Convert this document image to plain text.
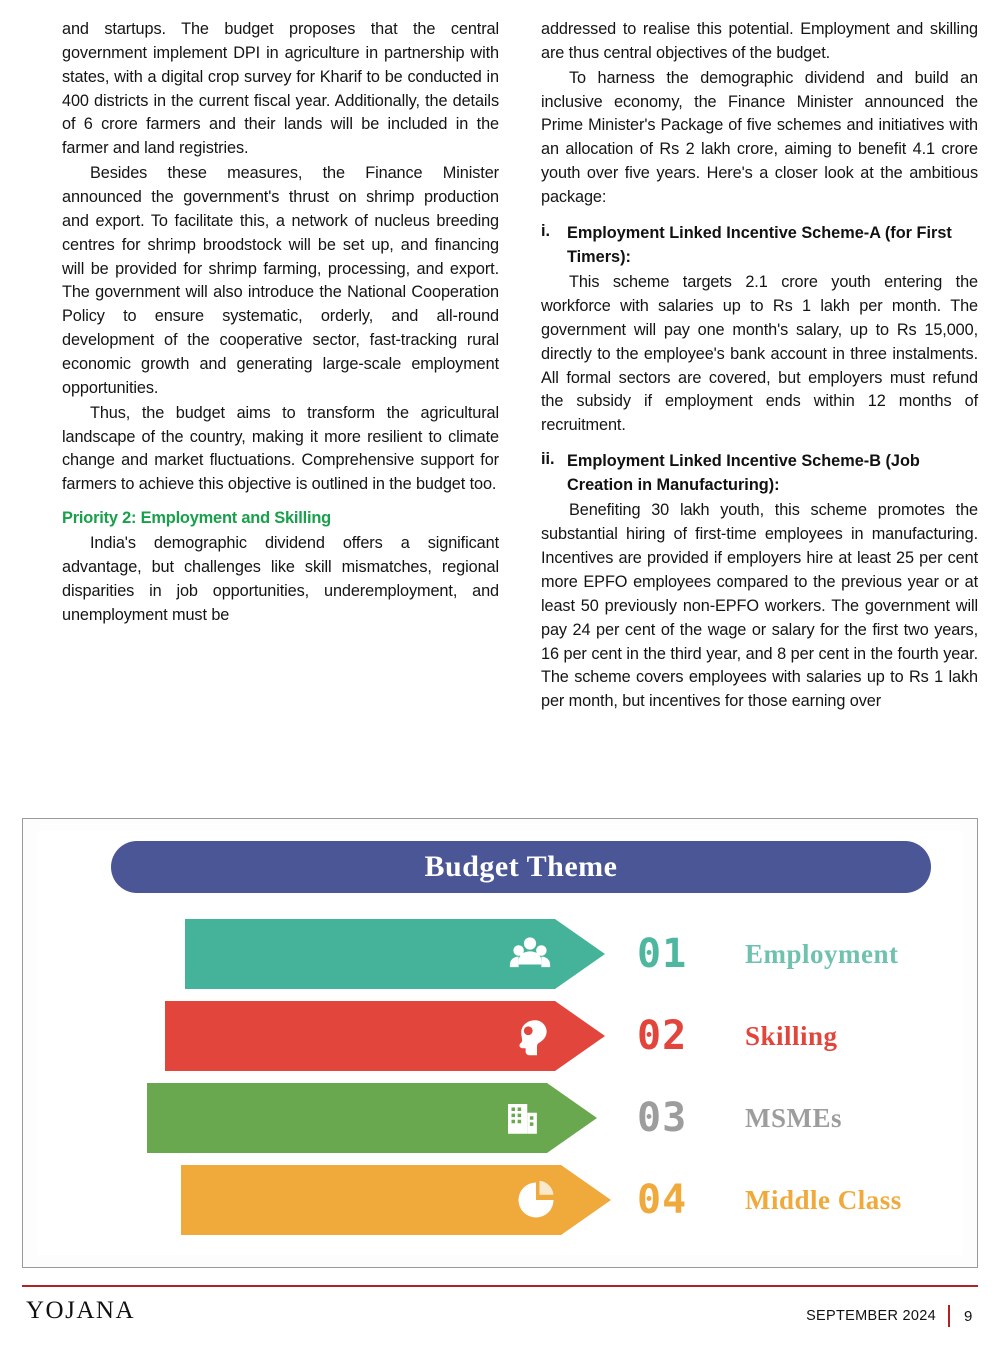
and startups. The budget proposes that the central government implement DPI in agriculture in partnership with states, with a digital crop survey for Kharif to be conducted in 400 districts in the current fiscal year. Additionally, the details of 6 crore farmers and their lands will be included in the farmer and land registries.

Besides these measures, the Finance Minister announced the government's thrust on shrimp production and export. To facilitate this, a network of nucleus breeding centres for shrimp broodstock will be set up, and financing will be provided for shrimp farming, processing, and export. The government will also introduce the National Cooperation Policy to ensure systematic, orderly, and all-round development of the cooperative sector, fast-tracking rural economic growth and generating large-scale employment opportunities.

Thus, the budget aims to transform the agricultural landscape of the country, making it more resilient to climate change and market fluctuations. Comprehensive support for farmers to achieve this objective is outlined in the budget too.

Priority 2: Employment and Skilling

India's demographic dividend offers a significant advantage, but challenges like skill mismatches, regional disparities in job opportunities, underemployment, and unemployment must be

addressed to realise this potential. Employment and skilling are thus central objectives of the budget.

To harness the demographic dividend and build an inclusive economy, the Finance Minister announced the Prime Minister's Package of five schemes and initiatives with an allocation of Rs 2 lakh crore, aiming to benefit 4.1 crore youth over five years. Here's a closer look at the ambitious package:

i.	Employment Linked Incentive Scheme-A (for First Timers):

This scheme targets 2.1 crore youth entering the workforce with salaries up to Rs 1 lakh per month. The government will pay one month's salary, up to Rs 15,000, directly to the employee's bank account in three instalments. All formal sectors are covered, but employers must refund the subsidy if employment ends within 12 months of recruitment.

ii. Employment Linked Incentive Scheme-B (Job Creation in Manufacturing):

Benefiting 30 lakh youth, this scheme promotes the substantial hiring of first-time employees in manufacturing. Incentives are provided if employers hire at least 25 per cent more EPFO employees compared to the previous year or at least 50 previously non-EPFO workers. The government will pay 24 per cent of the wage or salary for the first two years, 16 per cent in the third year, and 8 per cent in the fourth year. The scheme covers employees with salaries up to Rs 1 lakh per month, but incentives for those earning over

Budget Theme
01	Employment
02	Skilling
03	MSMEs
04	Middle Class
YOJANA	SEPTEMBER 2024	9
